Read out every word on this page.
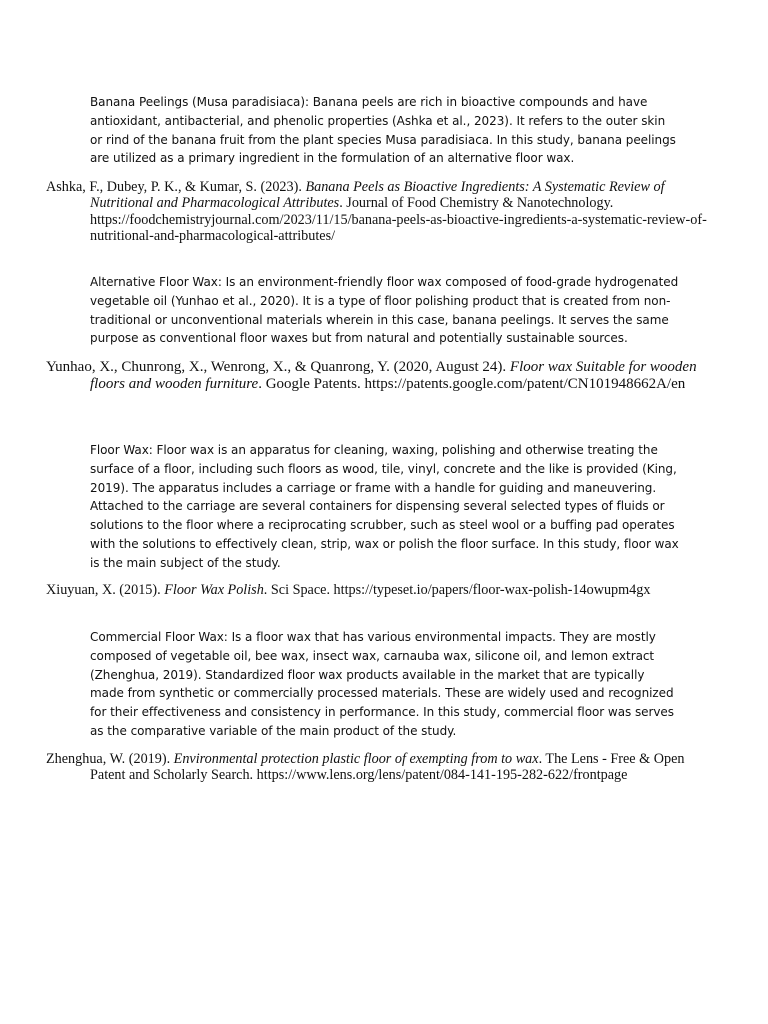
Banana Peelings (Musa paradisiaca): Banana peels are rich in bioactive compounds and have antioxidant, antibacterial, and phenolic properties (Ashka et al., 2023). It refers to the outer skin or rind of the banana fruit from the plant species Musa paradisiaca. In this study, banana peelings are utilized as a primary ingredient in the formulation of an alternative floor wax.

Ashka, F., Dubey, P. K., & Kumar, S. (2023). Banana Peels as Bioactive Ingredients: A Systematic Review of Nutritional and Pharmacological Attributes. Journal of Food Chemistry & Nanotechnology. https://foodchemistryjournal.com/2023/11/15/banana-peels-as-bioactive-ingredients-a-systematic-review-of-nutritional-and-pharmacological-attributes/

Alternative Floor Wax: Is an environment-friendly floor wax composed of food-grade hydrogenated vegetable oil (Yunhao et al., 2020). It is a type of floor polishing product that is created from non-traditional or unconventional materials wherein in this case, banana peelings. It serves the same purpose as conventional floor waxes but from natural and potentially sustainable sources.

Yunhao, X., Chunrong, X., Wenrong, X., & Quanrong, Y. (2020, August 24). Floor wax Suitable for wooden floors and wooden furniture. Google Patents. https://patents.google.com/patent/CN101948662A/en

Floor Wax: Floor wax is an apparatus for cleaning, waxing, polishing and otherwise treating the surface of a floor, including such floors as wood, tile, vinyl, concrete and the like is provided (King, 2019). The apparatus includes a carriage or frame with a handle for guiding and maneuvering. Attached to the carriage are several containers for dispensing several selected types of fluids or solutions to the floor where a reciprocating scrubber, such as steel wool or a buffing pad operates with the solutions to effectively clean, strip, wax or polish the floor surface. In this study, floor wax is the main subject of the study.

Xiuyuan, X. (2015). Floor Wax Polish. Sci Space. https://typeset.io/papers/floor-wax-polish-14owupm4gx

Commercial Floor Wax: Is a floor wax that has various environmental impacts. They are mostly composed of vegetable oil, bee wax, insect wax, carnauba wax, silicone oil, and lemon extract (Zhenghua, 2019). Standardized floor wax products available in the market that are typically made from synthetic or commercially processed materials. These are widely used and recognized for their effectiveness and consistency in performance. In this study, commercial floor was serves as the comparative variable of the main product of the study.

Zhenghua, W. (2019). Environmental protection plastic floor of exempting from to wax. The Lens - Free & Open Patent and Scholarly Search. https://www.lens.org/lens/patent/084-141-195-282-622/frontpage
